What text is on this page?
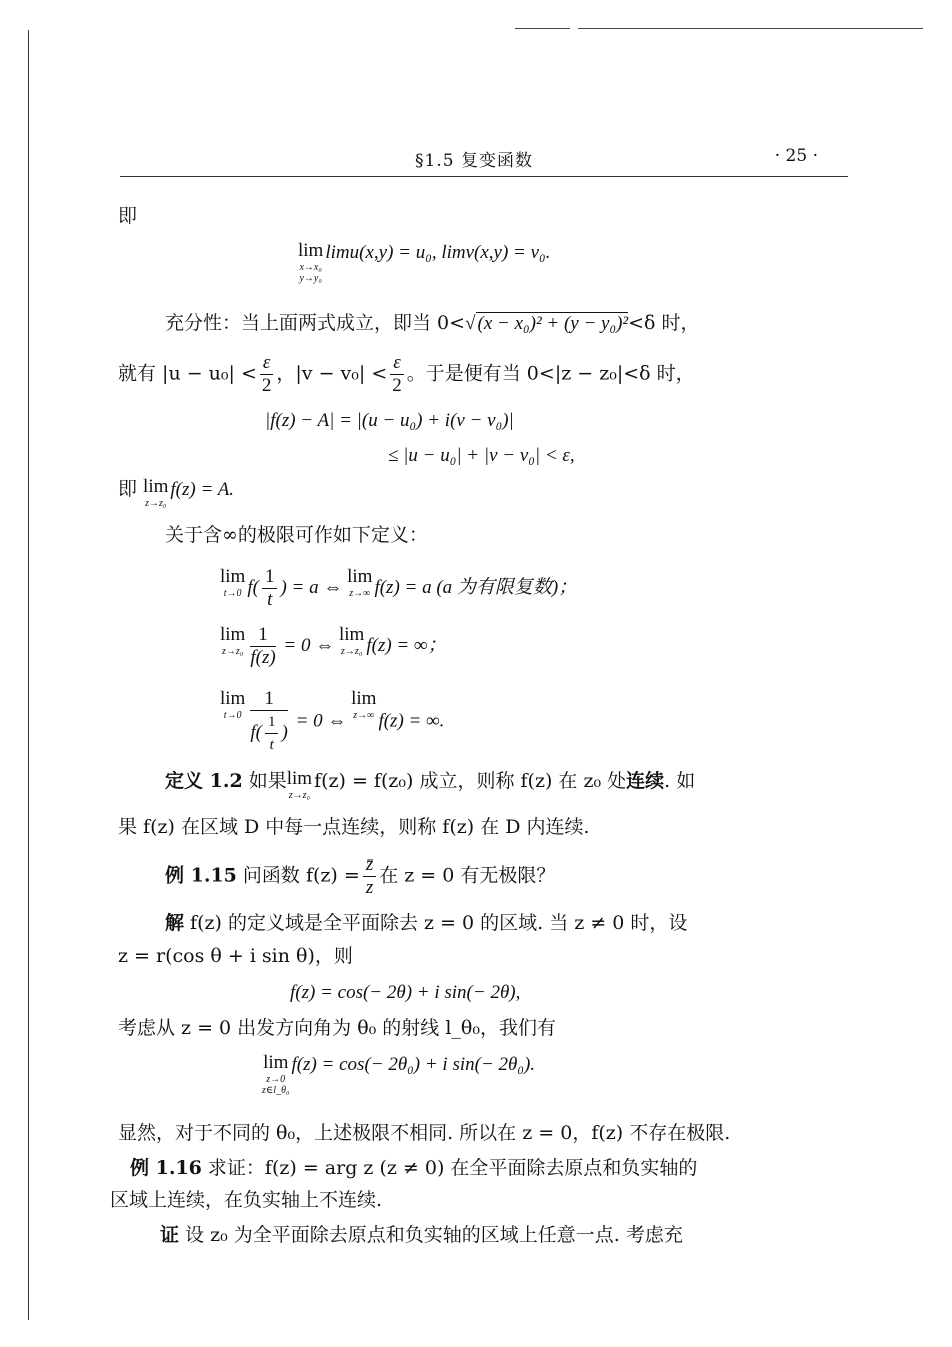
§1.5 复变函数	· 25 ·
即
lim
x→x₀
y→y₀
limu(x,y) = u₀, limv(x,y) = v₀.
充分性：当上面两式成立，即当 0<√ (x − x₀)² + (y − y₀)²<δ 时，
就有 $|u - u_0| < \frac{\varepsilon}{2}$ ，$|v - v_0| < \frac{\varepsilon}{2}$ 。于是便有当 0<|z − z₀|<δ 时，
|f(z) − A| = |(u − u₀) + i(v − v₀)|
≤ |u − u₀| + |v − v₀| < ε,
即 lim
z→z₀
f(z) = A.
关于含∞的极限可作如下定义：
lim
t→0 $f( \frac{1}{t}$ ) = a ⇔ lim
z→∞ f(z) = a (a 为有限复数)；
lim
$z\to z_0 \frac{1}{f(z)} = 0$ ⇔ lim
z→z₀ f(z) = ∞；
lim
$t\to 0 \frac{1}{f( \frac{1}{t} )} = 0$ ⇔ lim
z→∞ f(z) = ∞.
定义 1.2 如果lim
z→z₀
f(z) = f(z₀) 成立，则称 f(z) 在 z₀ 处连续. 如
果 f(z) 在区域 D 中每一点连续，则称 f(z) 在 D 内连续.
例 1.15 问函数 $f(z) = \frac{z̄}{z}$ 在 z = 0 有无极限？
解 f(z) 的定义域是全平面除去 z = 0 的区域. 当 z ≠ 0 时，设
z = r(cos θ + i sin θ)，则
f(z) = cos(− 2θ) + i sin(− 2θ),
考虑从 z = 0 出发方向角为 θ₀ 的射线 l_θ₀，我们有
lim
z→0
z∈l_θ₀
f(z) = cos(− 2θ₀) + i sin(− 2θ₀).
显然，对于不同的 θ₀，上述极限不相同. 所以在 z = 0，f(z) 不存在极限.
例 1.16 求证：f(z) = arg z (z ≠ 0) 在全平面除去原点和负实轴的
区域上连续，在负实轴上不连续.
证 设 z₀ 为全平面除去原点和负实轴的区域上任意一点. 考虑充
